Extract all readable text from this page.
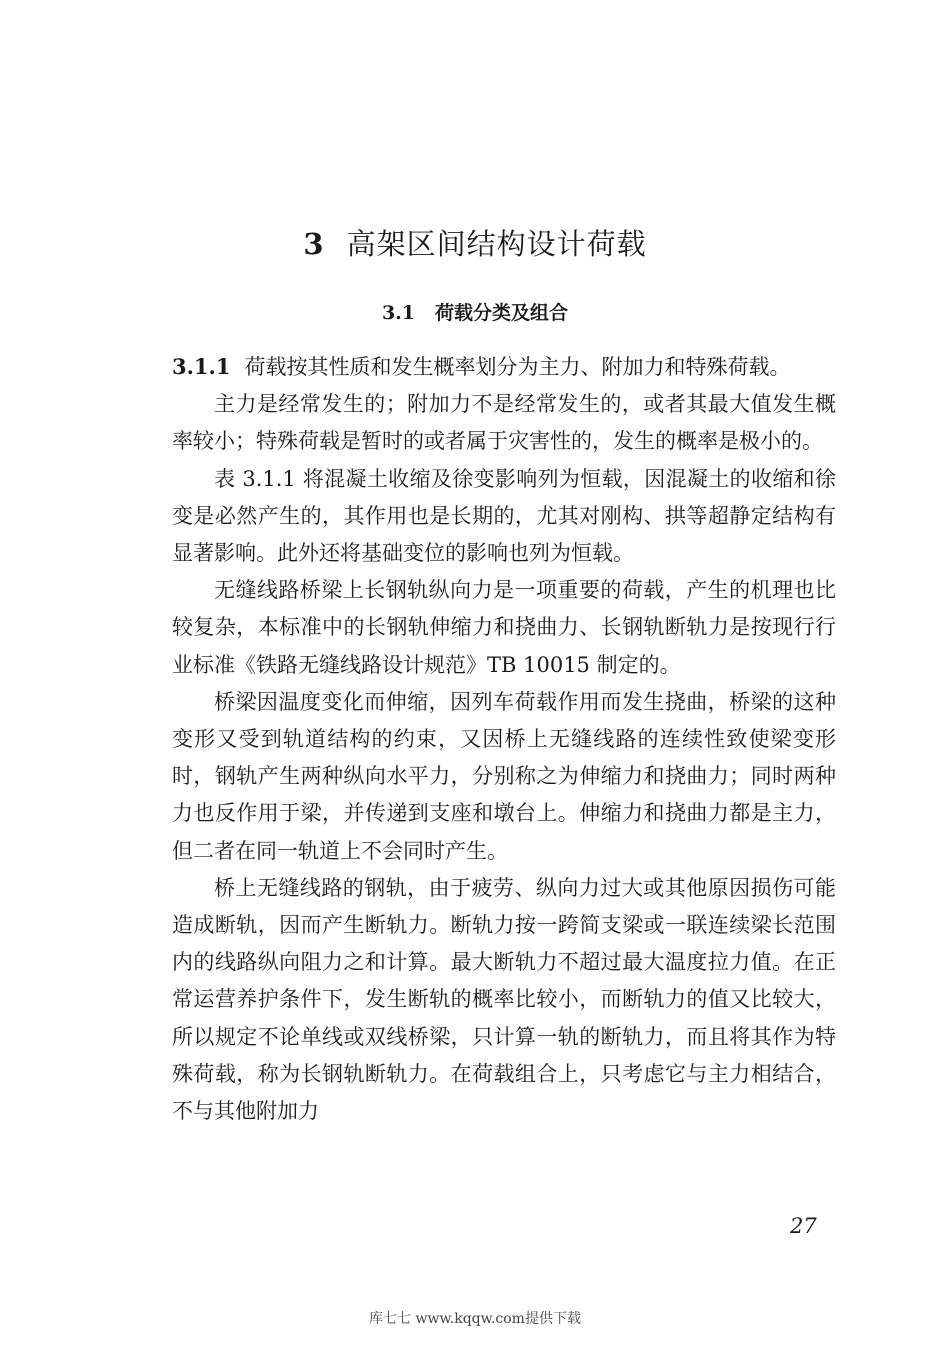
3 高架区间结构设计荷载
3.1 荷载分类及组合

3.1.1 荷载按其性质和发生概率划分为主力、附加力和特殊荷载。

主力是经常发生的；附加力不是经常发生的，或者其最大值发生概率较小；特殊荷载是暂时的或者属于灾害性的，发生的概率是极小的。

表 3.1.1 将混凝土收缩及徐变影响列为恒载，因混凝土的收缩和徐变是必然产生的，其作用也是长期的，尤其对刚构、拱等超静定结构有显著影响。此外还将基础变位的影响也列为恒载。

无缝线路桥梁上长钢轨纵向力是一项重要的荷载，产生的机理也比较复杂，本标准中的长钢轨伸缩力和挠曲力、长钢轨断轨力是按现行行业标准《铁路无缝线路设计规范》TB 10015 制定的。

桥梁因温度变化而伸缩，因列车荷载作用而发生挠曲，桥梁的这种变形又受到轨道结构的约束，又因桥上无缝线路的连续性致使梁变形时，钢轨产生两种纵向水平力，分别称之为伸缩力和挠曲力；同时两种力也反作用于梁，并传递到支座和墩台上。伸缩力和挠曲力都是主力，但二者在同一轨道上不会同时产生。

桥上无缝线路的钢轨，由于疲劳、纵向力过大或其他原因损伤可能造成断轨，因而产生断轨力。断轨力按一跨简支梁或一联连续梁长范围内的线路纵向阻力之和计算。最大断轨力不超过最大温度拉力值。在正常运营养护条件下，发生断轨的概率比较小，而断轨力的值又比较大，所以规定不论单线或双线桥梁，只计算一轨的断轨力，而且将其作为特殊荷载，称为长钢轨断轨力。在荷载组合上，只考虑它与主力相结合，不与其他附加力

27
库七七 www.kqqw.com提供下载
